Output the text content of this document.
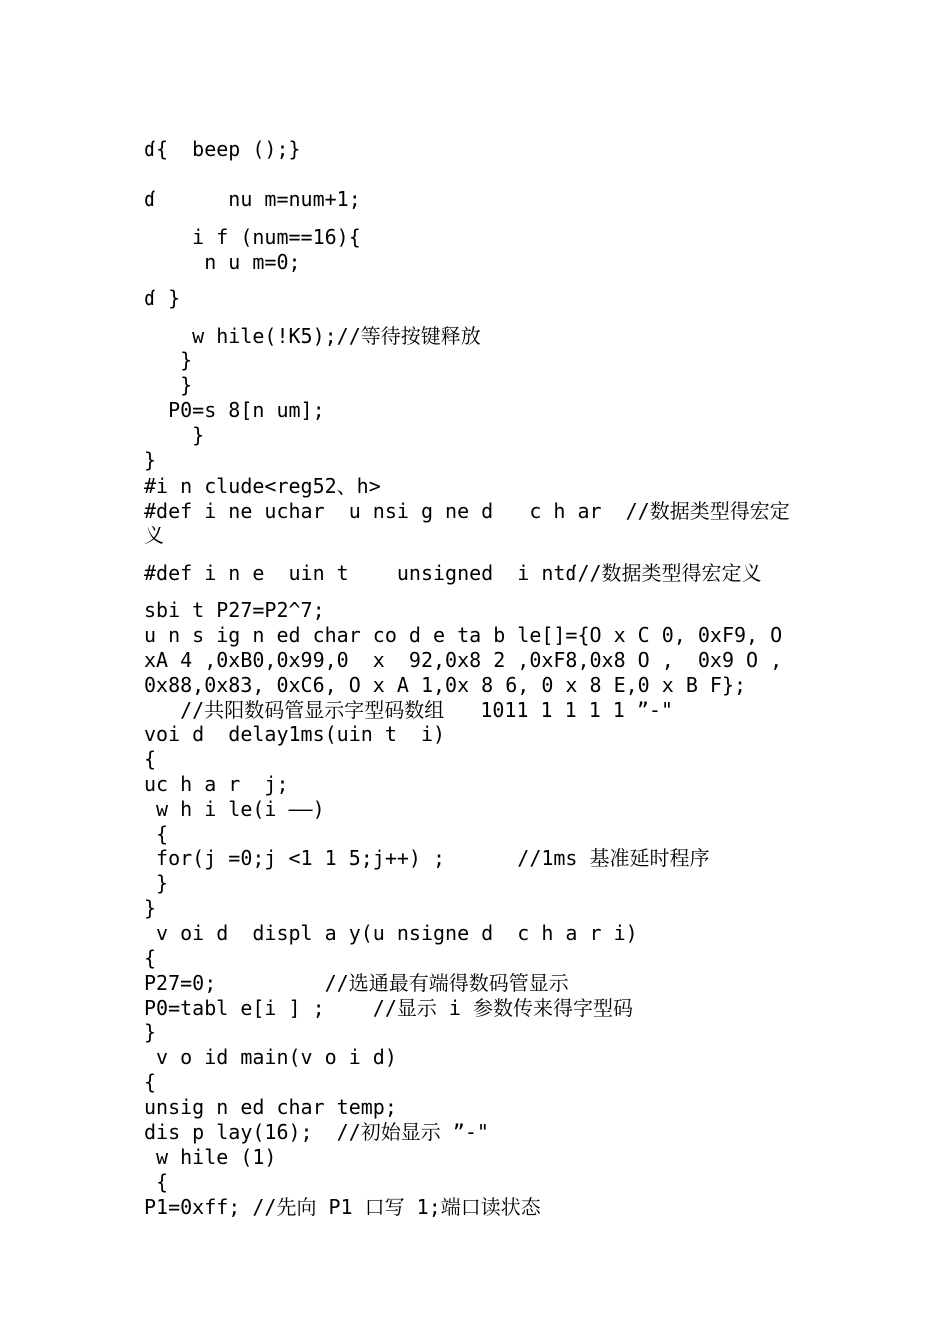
ɗ{  beep ();}
ɗ      nu m=num+1;
i f (num==16){
n u m=0;
ɗ }
w hile(!K5);//等待按键释放
}
}
P0=s 8[n um];
}
}
#i n clude<reg52、h>
#def i ne uchar  u nsi g ne d   c h ar  //数据类型得宏定
义
#def i n e  uin t    unsigned  i ntɗ//数据类型得宏定义
sbi t P27=P2^7;
u n s ig n ed char co d e ta b le[]={O x C 0, 0xF9, O
xA 4 ,0xB0,0x99,0  x  92,0x8 2 ,0xF8,0x8 O ,  0x9 O ,
0x88,0x83, 0xC6, O x A 1,0x 8 6, 0 x 8 E,0 x B F};
//共阳数码管显示字型码数组   1011 1 1 1 1 ”-"
voi d  delay1ms(uin t  i)
{
uc h a r  j;
w h i le(i ——)
{
for(j =0;j <1 1 5;j++) ;      //1ms 基准延时程序
}
}
v oi d  displ a y(u nsigne d  c h a r i)
{
P27=0;         //选通最有端得数码管显示
P0=tabl e[i ] ;    //显示 i 参数传来得字型码
}
v o id main(v o i d)
{
unsig n ed char temp;
dis p lay(16);  //初始显示 ”-"
w hile (1)
{
P1=0xff; //先向 P1 口写 1;端口读状态
